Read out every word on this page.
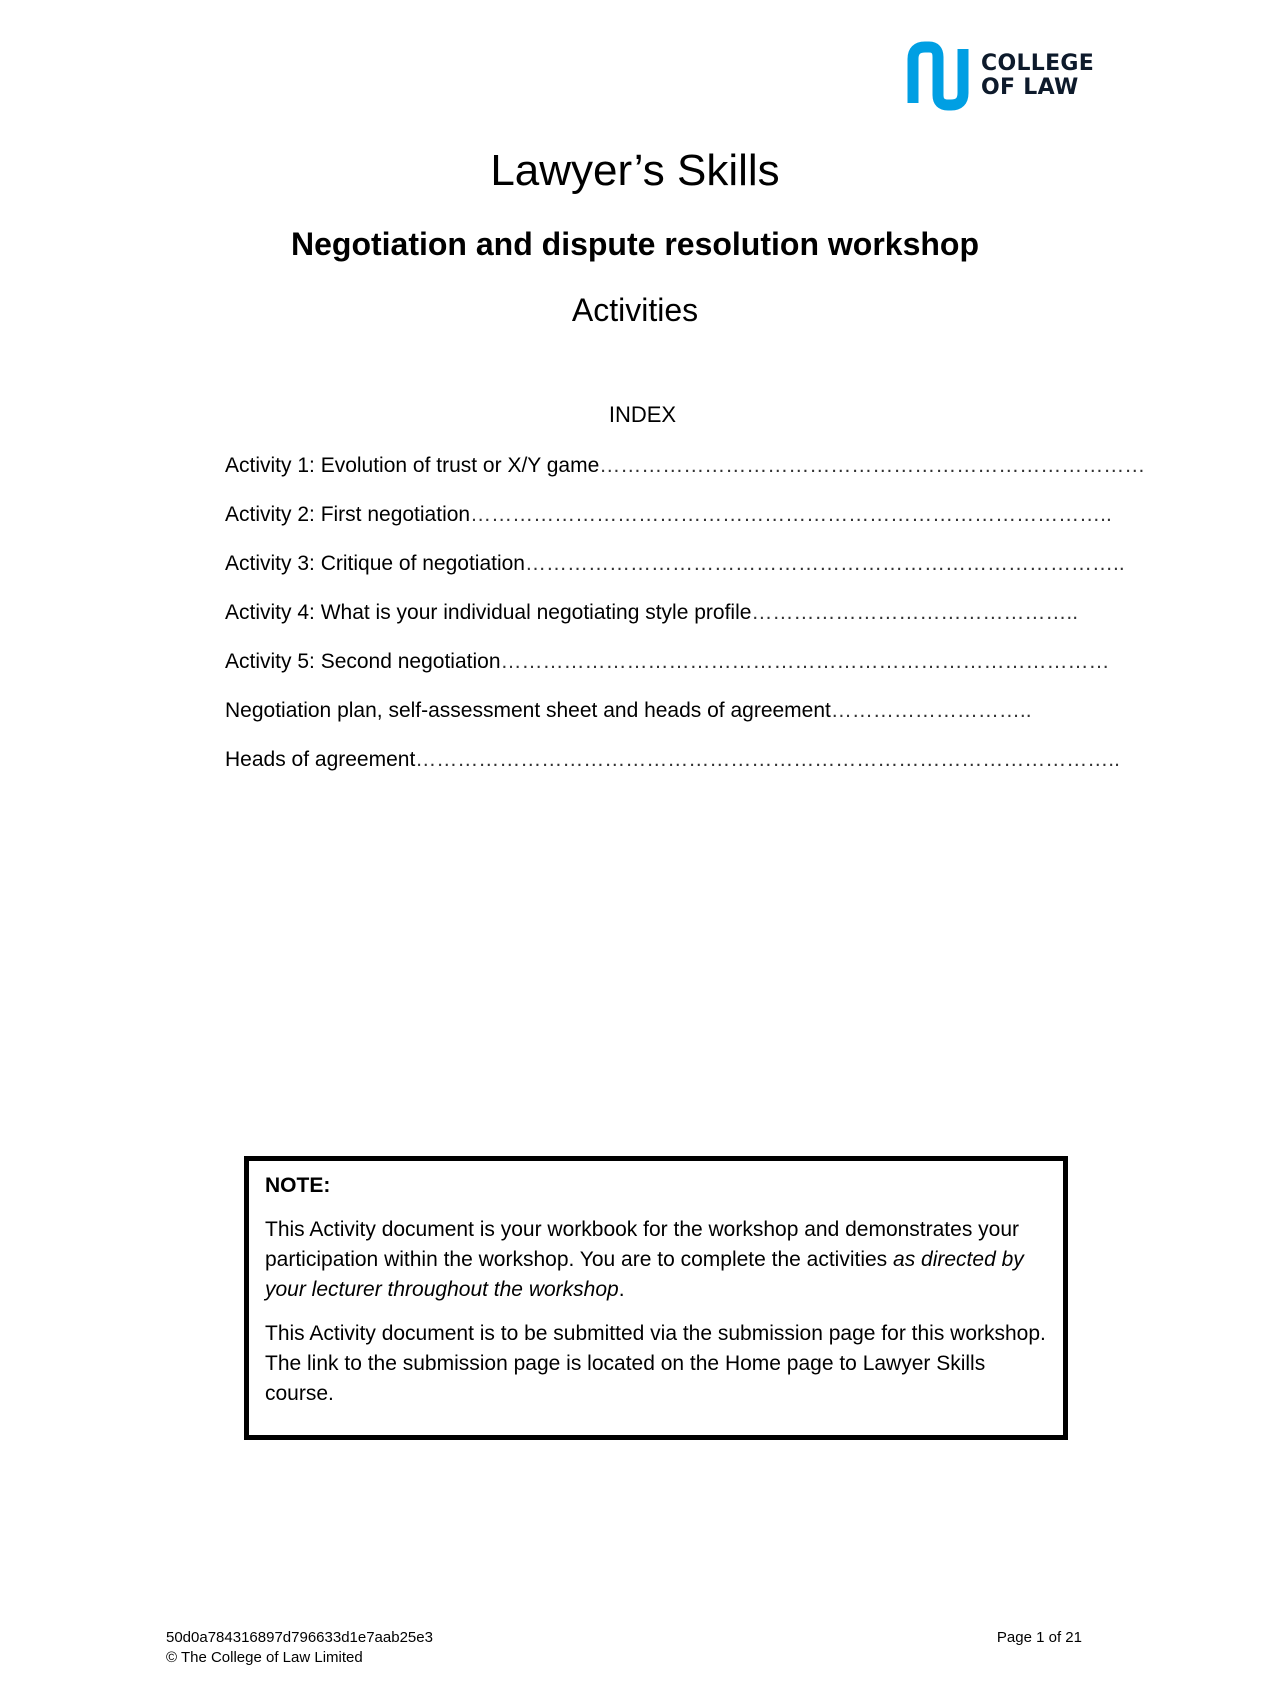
COLLEGE
OF LAW
Lawyer’s Skills
Negotiation and dispute resolution workshop
Activities
INDEX
Activity 1: Evolution of trust or X/Y game……………………………………………………………………
Activity 2: First negotiation………………………………………………………………………………..
Activity 3: Critique of negotiation…………………………………………………………………………..
Activity 4: What is your individual negotiating style profile………………………………………..
Activity 5: Second negotiation……………………………………………………………………………
Negotiation plan, self-assessment sheet and heads of agreement………………………..
Heads of agreement………………………………………………………………………………………..

NOTE:

This Activity document is your workbook for the workshop and demonstrates your participation within the workshop. You are to complete the activities as directed by your lecturer throughout the workshop.

This Activity document is to be submitted via the submission page for this workshop. The link to the submission page is located on the Home page to Lawyer Skills course.

50d0a784316897d796633d1e7aab25e3
© The College of Law Limited
Page 1 of 21
